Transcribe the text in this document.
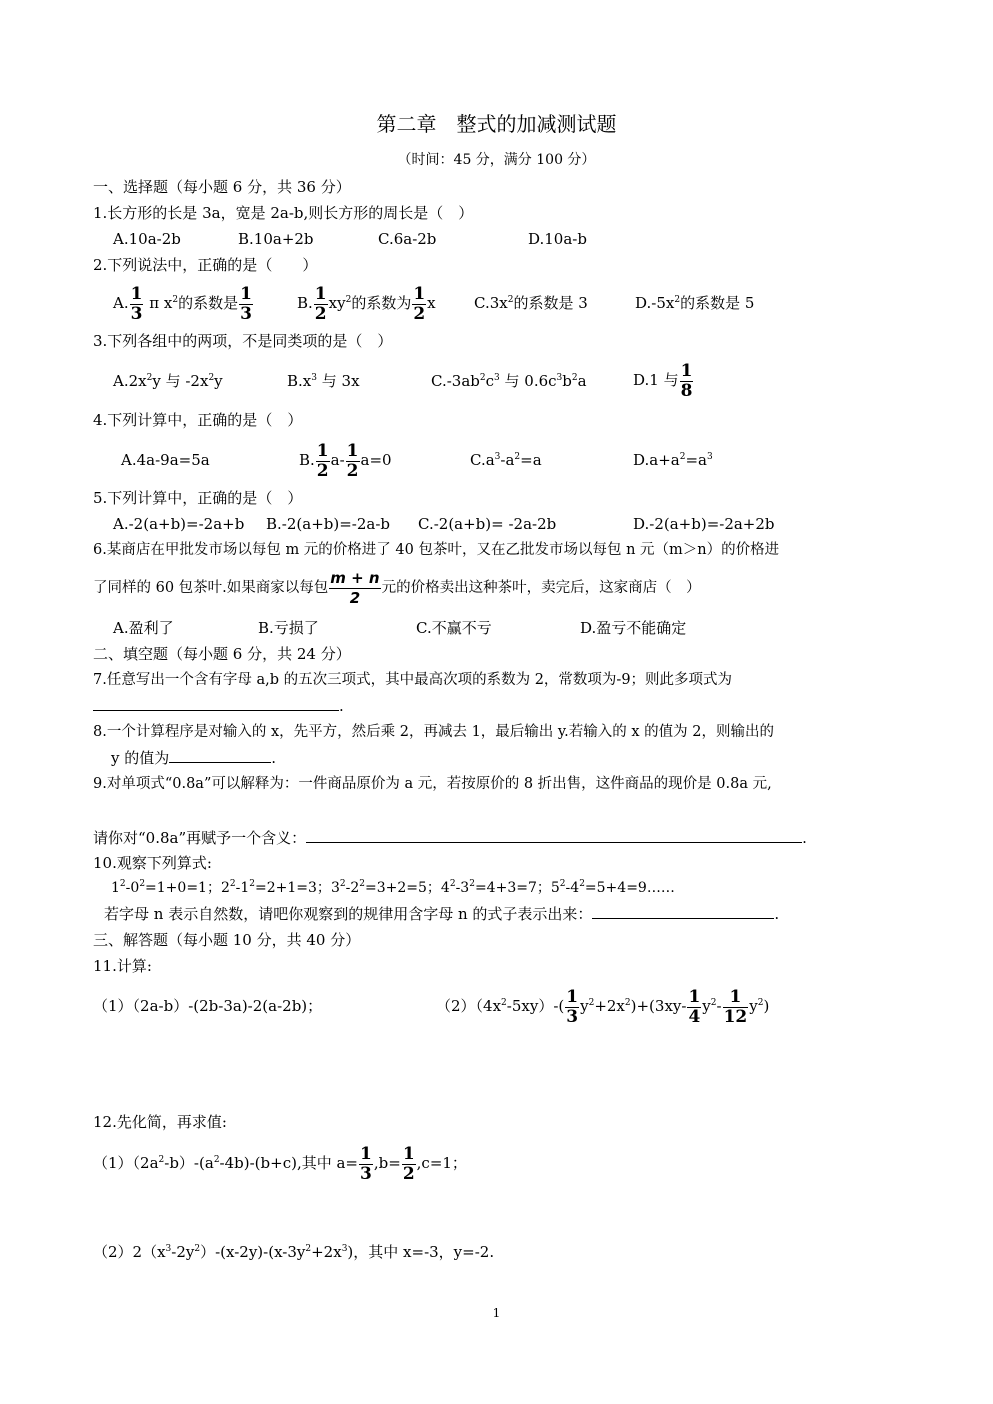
第二章　整式的加减测试题
（时间：45 分，满分 100 分）
一、选择题（每小题 6 分，共 36 分）
1.长方形的长是 3a，宽是 2a-b,则长方形的周长是（　）
A.10a-2b	B.10a+2b	C.6a-2b	D.10a-b
2.下列说法中，正确的是（　　）
A. $\frac{1}{3}$ π $x^2$的系数是 $\frac{1}{3}$	B. $\frac{1}{2} xy^2$的系数为 $\frac{1}{2}$ x	$C.3x^2$的系数是 3	$D.-5x^2$的系数是 5
3.下列各组中的两项，不是同类项的是（　）
$A.2x^2y$ 与 $-2x^2y$	$B.x^3$ 与 3x	$C.-3ab^2c^3$ 与 $0.6c^3b^2a$	D.1 与 $\frac{1}{8}$
4.下列计算中，正确的是（　）
A.4a-9a=5a	B. $\frac{1}{2} a- \frac{1}{2} a=0$	$C.a^3-a^2=a$	$D.a+a^2=a^3$
5.下列计算中，正确的是（　）
A.-2(a+b)=-2a+b B.-2(a+b)=-2a-b C.-2(a+b)= -2a-2b	D.-2(a+b)=-2a+2b
6.某商店在甲批发市场以每包 m 元的价格进了 40 包茶叶，又在乙批发市场以每包 n 元（m＞n）的价格进
了同样的 60 包茶叶.如果商家以每包 $\frac{m + n}{2}$ 元的价格卖出这种茶叶，卖完后，这家商店（　）
A.盈利了	B.亏损了	C.不赢不亏	D.盈亏不能确定
二、填空题（每小题 6 分，共 24 分）
7.任意写出一个含有字母 a,b 的五次三项式，其中最高次项的系数为 2，常数项为-9；则此多项式为
.
8.一个计算程序是对输入的 x，先平方，然后乘 2，再减去 1，最后输出 y.若输入的 x 的值为 2，则输出的
y 的值为	.
9.对单项式“0.8a”可以解释为：一件商品原价为 a 元，若按原价的 8 折出售，这件商品的现价是 0.8a 元,
请你对“0.8a”再赋予一个含义：	.
10.观察下列算式:
$1^2-0^2=1+0=1$；$2^2-1^2=2+1=3$；$3^2-2^2=3+2=5$；$4^2-3^2=4+3=7$；$5^2-4^2=5+4=9\dots\dots$
若字母 n 表示自然数，请吧你观察到的规律用含字母 n 的式子表示出来：	.
三、解答题（每小题 10 分，共 40 分）
11.计算:
（1）（2a-b）-(2b-3a)-2(a-2b)；	$(2)(4x^2-5xy)-( \frac{1}{3} y^2+2x^2)+(3xy- \frac{1}{4} y^2- \frac{1}{12} y^2)$
12.先化简，再求值:
$(1)(2a^2-b)-(a^2-4b)-(b+c)$,其中 $a= \frac{1}{3} ,b= \frac{1}{2} ,c=1$；
$(2)2(x^3-2y^2)-(x-2y)-(x-3y^2+2x^3)$，其中 x=-3，y=-2.
1
